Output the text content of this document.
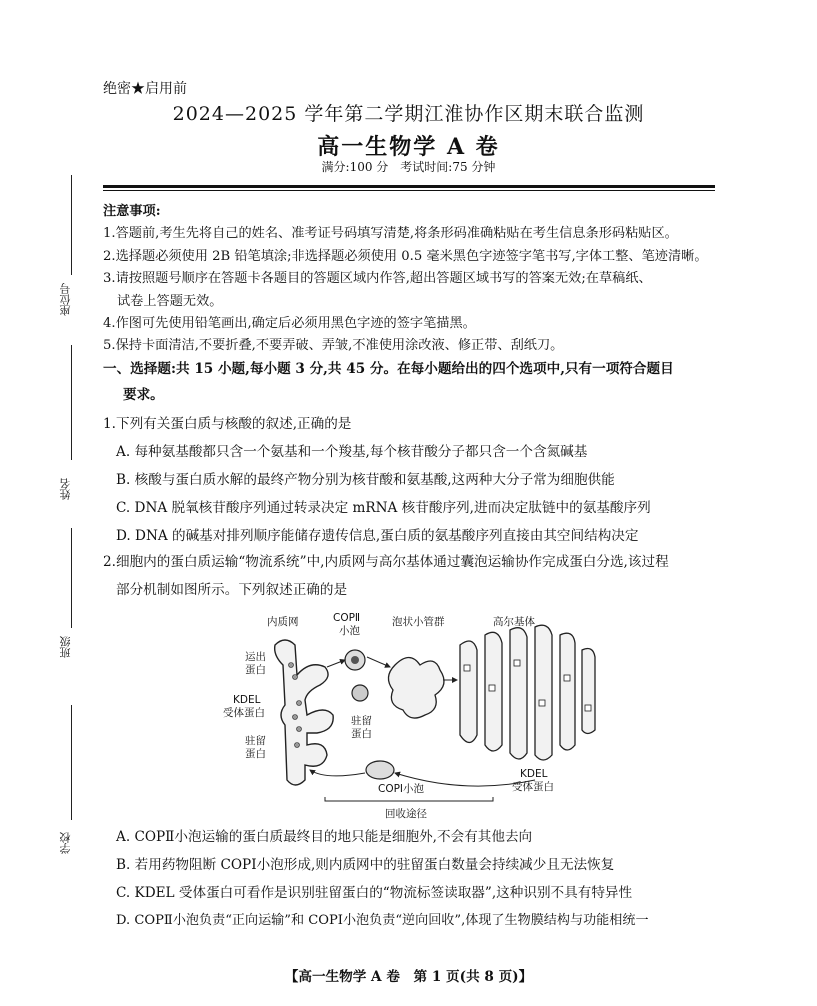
绝密★启用前
2024—2025 学年第二学期江淮协作区期末联合监测
高一生物学 A 卷
满分:100 分　考试时间:75 分钟
座位号
姓名
班级
学校
注意事项:
1.答题前,考生先将自己的姓名、准考证号码填写清楚,将条形码准确粘贴在考生信息条形码粘贴区。
2.选择题必须使用 2B 铅笔填涂;非选择题必须使用 0.5 毫米黑色字迹签字笔书写,字体工整、笔迹清晰。
3.请按照题号顺序在答题卡各题目的答题区域内作答,超出答题区域书写的答案无效;在草稿纸、
试卷上答题无效。
4.作图可先使用铅笔画出,确定后必须用黑色字迹的签字笔描黑。
5.保持卡面清洁,不要折叠,不要弄破、弄皱,不准使用涂改液、修正带、刮纸刀。
一、选择题:共 15 小题,每小题 3 分,共 45 分。在每小题给出的四个选项中,只有一项符合题目
要求。
1.下列有关蛋白质与核酸的叙述,正确的是
A. 每种氨基酸都只含一个氨基和一个羧基,每个核苷酸分子都只含一个含氮碱基
B. 核酸与蛋白质水解的最终产物分别为核苷酸和氨基酸,这两种大分子常为细胞供能
C. DNA 脱氧核苷酸序列通过转录决定 mRNA 核苷酸序列,进而决定肽链中的氨基酸序列
D. DNA 的碱基对排列顺序能储存遗传信息,蛋白质的氨基酸序列直接由其空间结构决定
2.细胞内的蛋白质运输“物流系统”中,内质网与高尔基体通过囊泡运输协作完成蛋白分选,该过程
部分机制如图所示。下列叙述正确的是
内质网	COPⅡ
小泡
泡状小管群	高尔基体
运出
蛋白
KDEL
受体蛋白
驻留
蛋白
驻留
蛋白
COPⅠ小泡
KDEL
受体蛋白
回收途径
A. COPⅡ小泡运输的蛋白质最终目的地只能是细胞外,不会有其他去向
B. 若用药物阻断 COPⅠ小泡形成,则内质网中的驻留蛋白数量会持续减少且无法恢复
C. KDEL 受体蛋白可看作是识别驻留蛋白的“物流标签读取器”,这种识别不具有特异性
D. COPⅡ小泡负责“正向运输”和 COPⅠ小泡负责“逆向回收”,体现了生物膜结构与功能相统一
【高一生物学 A 卷　第 1 页(共 8 页)】
